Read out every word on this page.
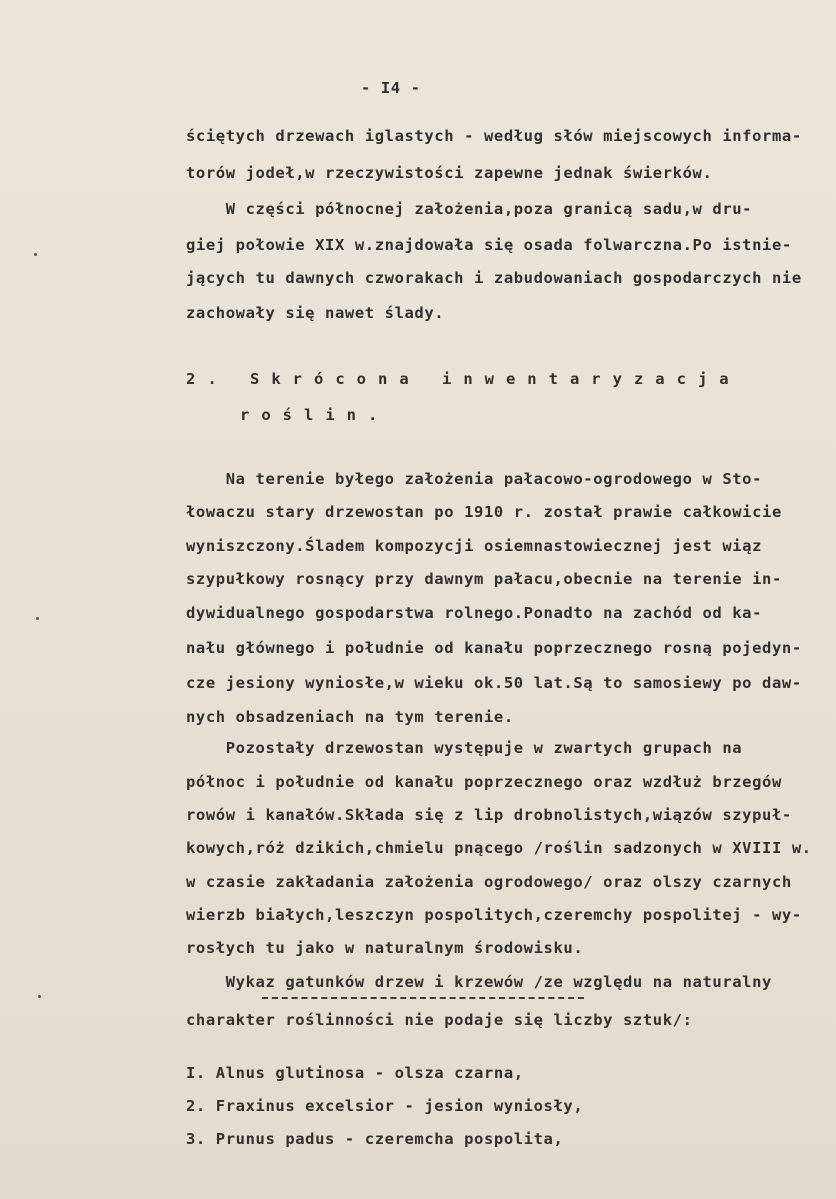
- I4 -
ściętych drzewach iglastych - według słów miejscowych informa-
torów jodeł,w rzeczywistości zapewne jednak świerków.
W części północnej założenia,poza granicą sadu,w dru-
giej połowie XIX w.znajdowała się osada folwarczna.Po istnie-
jących tu dawnych czworakach i zabudowaniach gospodarczych nie
zachowały się nawet ślady.
2. Skrócona inwentaryzacja
roślin.
Na terenie byłego założenia pałacowo-ogrodowego w Sto-
łowaczu stary drzewostan po 1910 r. został prawie całkowicie
wyniszczony.Śladem kompozycji osiemnastowiecznej jest wiąz
szypułkowy rosnący przy dawnym pałacu,obecnie na terenie in-
dywidualnego gospodarstwa rolnego.Ponadto na zachód od ka-
nału głównego i południe od kanału poprzecznego rosną pojedyn-
cze jesiony wyniosłe,w wieku ok.50 lat.Są to samosiewy po daw-
nych obsadzeniach na tym terenie.
Pozostały drzewostan występuje w zwartych grupach na
północ i południe od kanału poprzecznego oraz wzdłuż brzegów
rowów i kanałów.Składa się z lip drobnolistych,wiązów szypuł-
kowych,róż dzikich,chmielu pnącego /roślin sadzonych w XVIII w.
w czasie zakładania założenia ogrodowego/ oraz olszy czarnych
wierzb białych,leszczyn pospolitych,czeremchy pospolitej - wy-
rosłych tu jako w naturalnym środowisku.
Wykaz gatunków drzew i krzewów /ze względu na naturalny
charakter roślinności nie podaje się liczby sztuk/:
I. Alnus glutinosa - olsza czarna,
2. Fraxinus excelsior - jesion wyniosły,
3. Prunus padus - czeremcha pospolita,
